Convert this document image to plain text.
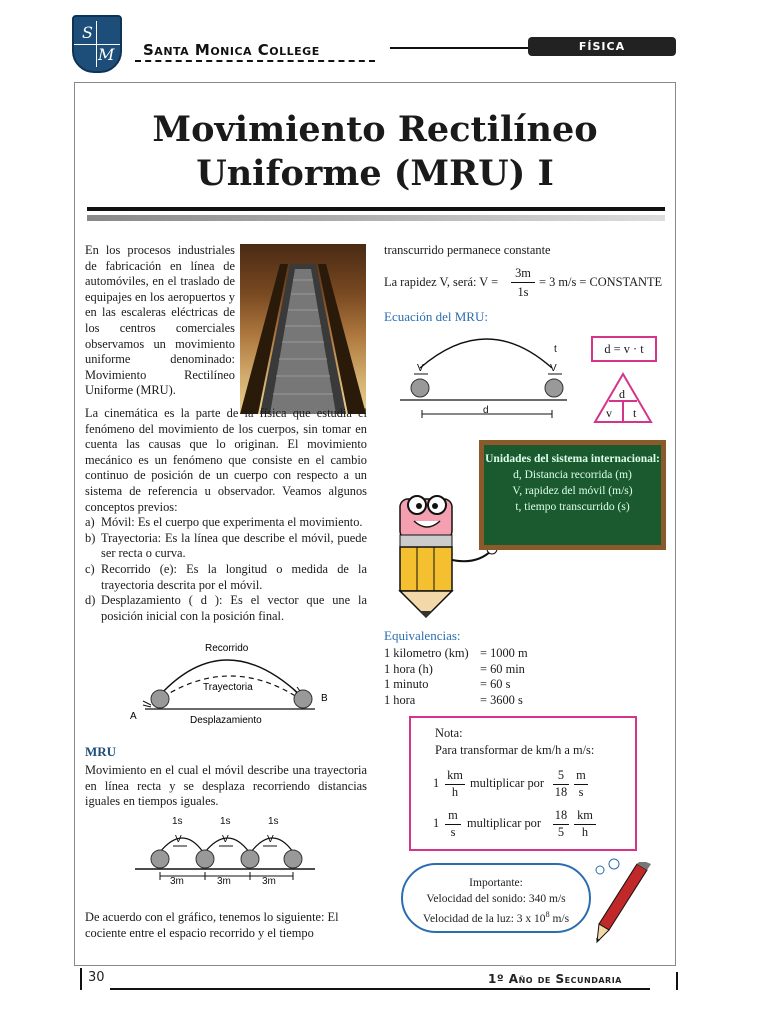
S
M Santa Monica College	FÍSICA
Movimiento Rectilíneo
Uniforme (MRU) I
En los procesos industriales de fabricación en línea de automóviles, en el traslado de equipajes en los aeropuertos y en las escaleras eléctricas de los centros comerciales observamos un movimiento uniforme denominado: Movimiento Rectilíneo Uniforme (MRU).
La cinemática es la parte de la física que estudia el fenómeno del movimiento de los cuerpos, sin tomar en cuenta las causas que lo originan. El movimiento mecánico es un fenómeno que consiste en el cambio continuo de posición de un cuerpo con respecto a un sistema de referencia u observador. Veamos algunos conceptos previos:
a) Móvil: Es el cuerpo que experimenta el movimiento.
b) Trayectoria: Es la línea que describe el móvil, puede ser recta o curva.
c) Recorrido (e): Es la longitud o medida de la trayectoria descrita por el móvil.
d) Desplazamiento ( d ): Es el vector que une la posición inicial con la posición final.
Recorrido
Trayectoria
Desplazamiento
A
B
MRU
Movimiento en el cual el móvil describe una trayectoria en línea recta y se desplaza recorriendo distancias iguales en tiempos iguales.
1s	1s	1s
V	V	V
3m	3m	3m
De acuerdo con el gráfico, tenemos lo siguiente: El cociente entre el espacio recorrido y el tiempo
transcurrido permanece constante
La rapidez V, será: V =
3m
1s
= 3 m/s = CONSTANTE
Ecuación del MRU:
t
V	V
d
d = v · t
d
v t
Unidades del sistema internacional:
d, Distancia recorrida (m)
V, rapidez del móvil (m/s)
t, tiempo transcurrido (s)
Equivalencias:
1 kilometro (km) = 1000 m
1 hora (h)	= 60 min
1 minuto	= 60 s
1 hora	= 3600 s
Nota:
Para transformar de km/h a m/s:
1
km
h
multiplicar por
5
18
m
s
1
m
s
multiplicar por
18
5
km
h
Importante:
Velocidad del sonido: 340 m/s
Velocidad de la luz: 3 x $10^8$ m/s
30	1º Año de Secundaria
